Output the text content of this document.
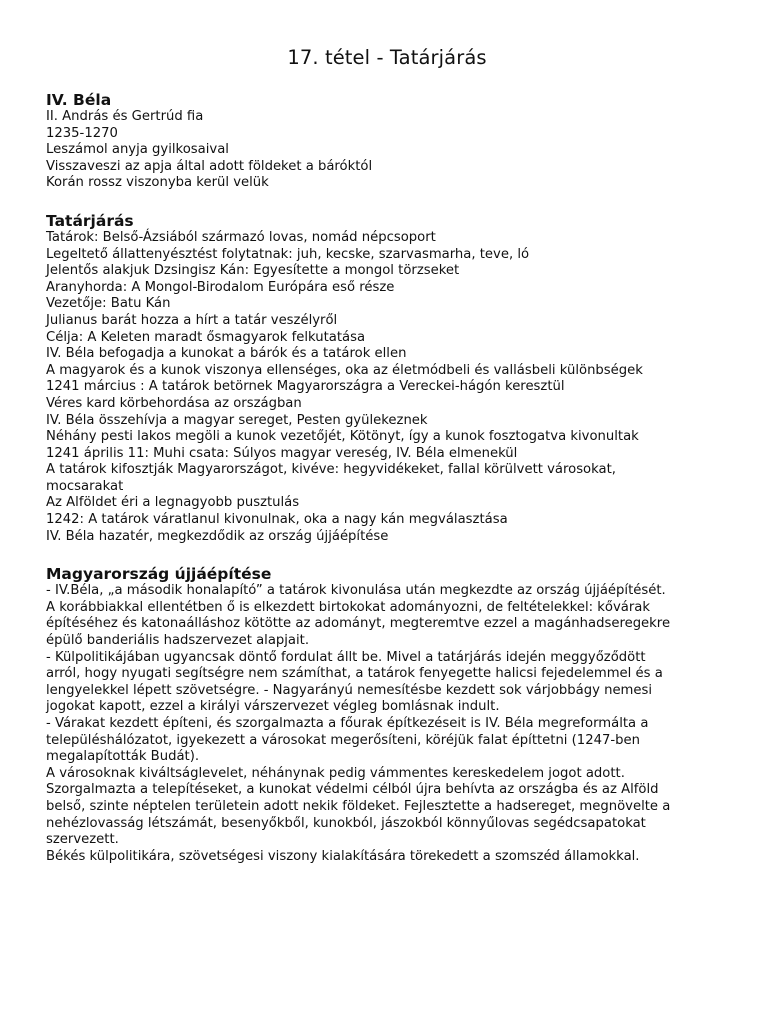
17. tétel - Tatárjárás
IV. Béla
II. András és Gertrúd fia
1235-1270
Leszámol anyja gyilkosaival
Visszaveszi az apja által adott földeket a báróktól
Korán rossz viszonyba kerül velük
Tatárjárás
Tatárok: Belső-Ázsiából származó lovas, nomád népcsoport
Legeltető állattenyésztést folytatnak: juh, kecske, szarvasmarha, teve, ló
Jelentős alakjuk Dzsingisz Kán: Egyesítette a mongol törzseket
Aranyhorda: A Mongol-Birodalom Európára eső része
Vezetője: Batu Kán
Julianus barát hozza a hírt a tatár veszélyről
Célja: A Keleten maradt ősmagyarok felkutatása
IV. Béla befogadja a kunokat a bárók és a tatárok ellen
A magyarok és a kunok viszonya ellenséges, oka az életmódbeli és vallásbeli különbségek
1241 március : A tatárok betörnek Magyarországra a Vereckei-hágón keresztül
Véres kard körbehordása az országban
IV. Béla összehívja a magyar sereget, Pesten gyülekeznek
Néhány pesti lakos megöli a kunok vezetőjét, Kötönyt, így a kunok fosztogatva kivonultak
1241 április 11: Muhi csata: Súlyos magyar vereség, IV. Béla elmenekül
A tatárok kifosztják Magyarországot, kivéve: hegyvidékeket, fallal körülvett városokat,
mocsarakat
Az Alföldet éri a legnagyobb pusztulás
1242: A tatárok váratlanul kivonulnak, oka a nagy kán megválasztása
IV. Béla hazatér, megkezdődik az ország újjáépítése
Magyarország újjáépítése
- IV.Béla, „a második honalapító” a tatárok kivonulása után megkezdte az ország újjáépítését.
A korábbiakkal ellentétben ő is elkezdett birtokokat adományozni, de feltételekkel: kővárak
építéséhez és katonaálláshoz kötötte az adományt, megteremtve ezzel a magánhadseregekre
épülő banderiális hadszervezet alapjait.
- Külpolitikájában ugyancsak döntő fordulat állt be. Mivel a tatárjárás idején meggyőződött
arról, hogy nyugati segítségre nem számíthat, a tatárok fenyegette halicsi fejedelemmel és a
lengyelekkel lépett szövetségre. - Nagyarányú nemesítésbe kezdett sok várjobbágy nemesi
jogokat kapott, ezzel a királyi várszervezet végleg bomlásnak indult.
- Várakat kezdett építeni, és szorgalmazta a főurak építkezéseit is IV. Béla megreformálta a
településhálózatot, igyekezett a városokat megerősíteni, köréjük falat építtetni (1247-ben
megalapították Budát).
A városoknak kiváltságlevelet, néhánynak pedig vámmentes kereskedelem jogot adott.
Szorgalmazta a telepítéseket, a kunokat védelmi célból újra behívta az országba és az Alföld
belső, szinte néptelen területein adott nekik földeket. Fejlesztette a hadsereget, megnövelte a
nehézlovasság létszámát, besenyőkből, kunokból, jászokból könnyűlovas segédcsapatokat
szervezett.
Békés külpolitikára, szövetségesi viszony kialakítására törekedett a szomszéd államokkal.
